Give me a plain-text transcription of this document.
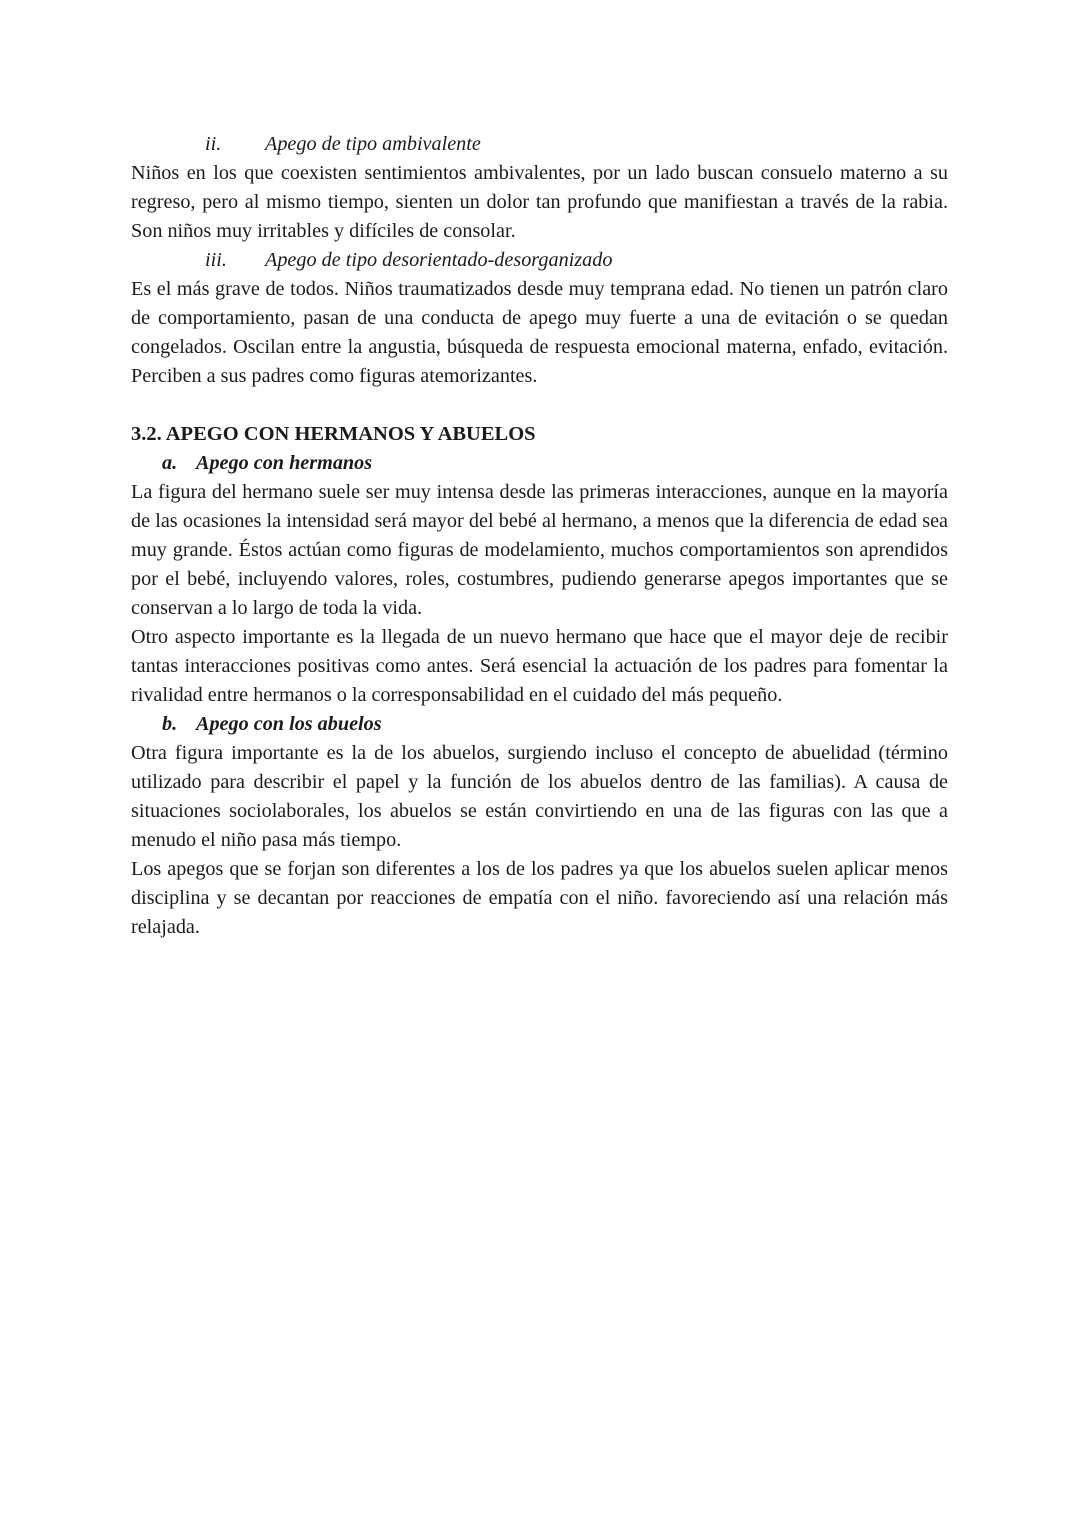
ii.	Apego de tipo ambivalente

Niños en los que coexisten sentimientos ambivalentes, por un lado buscan consuelo materno a su regreso, pero al mismo tiempo, sienten un dolor tan profundo que manifiestan a través de la rabia. Son niños muy irritables y difíciles de consolar.

iii.	Apego de tipo desorientado-desorganizado

Es el más grave de todos. Niños traumatizados desde muy temprana edad. No tienen un patrón claro de comportamiento, pasan de una conducta de apego muy fuerte a una de evitación o se quedan congelados. Oscilan entre la angustia, búsqueda de respuesta emocional materna, enfado, evitación. Perciben a sus padres como figuras atemorizantes.

3.2. APEGO CON HERMANOS Y ABUELOS
a. Apego con hermanos

La figura del hermano suele ser muy intensa desde las primeras interacciones, aunque en la mayoría de las ocasiones la intensidad será mayor del bebé al hermano, a menos que la diferencia de edad sea muy grande. Éstos actúan como figuras de modelamiento, muchos comportamientos son aprendidos por el bebé, incluyendo valores, roles, costumbres, pudiendo generarse apegos importantes que se conservan a lo largo de toda la vida.

Otro aspecto importante es la llegada de un nuevo hermano que hace que el mayor deje de recibir tantas interacciones positivas como antes. Será esencial la actuación de los padres para fomentar la rivalidad entre hermanos o la corresponsabilidad en el cuidado del más pequeño.

b. Apego con los abuelos

Otra figura importante es la de los abuelos, surgiendo incluso el concepto de abuelidad (término utilizado para describir el papel y la función de los abuelos dentro de las familias). A causa de situaciones sociolaborales, los abuelos se están convirtiendo en una de las figuras con las que a menudo el niño pasa más tiempo.

Los apegos que se forjan son diferentes a los de los padres ya que los abuelos suelen aplicar menos disciplina y se decantan por reacciones de empatía con el niño. favoreciendo así una relación más relajada.
